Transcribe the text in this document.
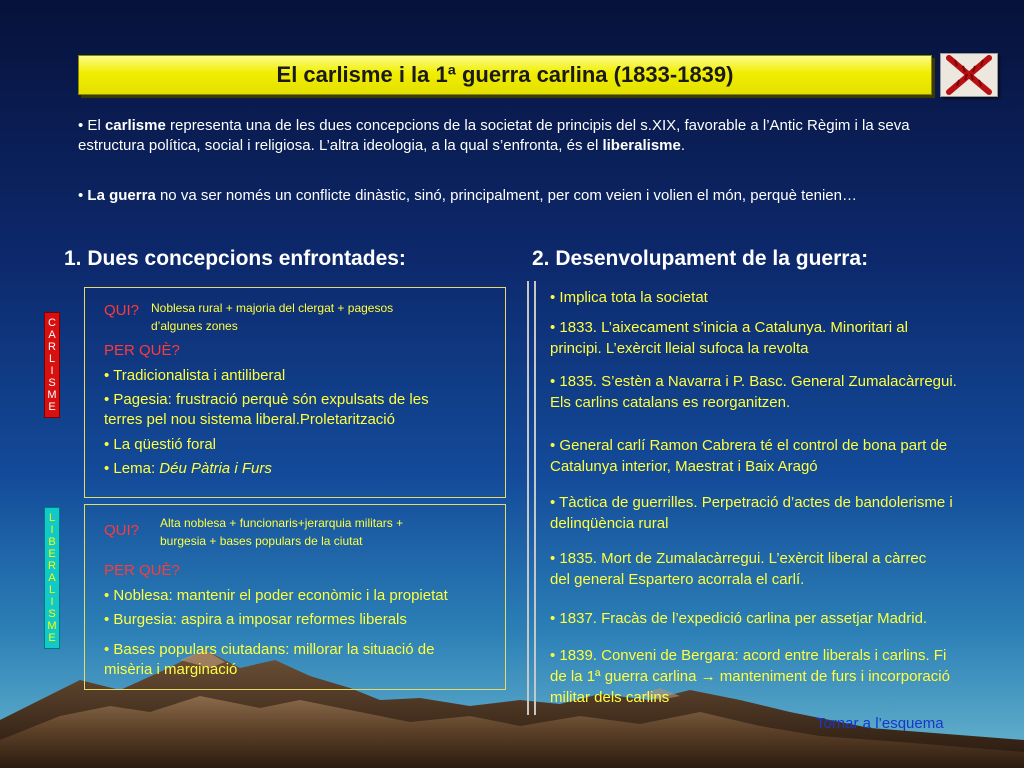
El carlisme i la 1ª guerra carlina (1833-1839)
• El carlisme representa una de les dues concepcions de la societat de principis del s.XIX, favorable a l’Antic Règim i la seva estructura política, social i religiosa. L’altra ideologia, a la qual s’enfronta, és el liberalisme.
• La guerra no va ser només un conflicte dinàstic, sinó, principalment, per com veien i volien el món, perquè tenien…
1. Dues concepcions enfrontades:	2. Desenvolupament de la guerra:
C
A
R
L
I
S
M
E
QUI? Noblesa rural + majoria del clergat + pagesos
d’algunes zones
PER QUÈ?
• Tradicionalista i antiliberal
• Pagesia: frustració perquè són expulsats de les
terres pel nou sistema liberal.Proletarització
• La qüestió foral
• Lema: Déu Pàtria i Furs
L
I
B
E
R
A
L
I
S
M
E
QUI? Alta noblesa + funcionaris+jerarquia militars +
burgesia + bases populars de la ciutat
PER QUÈ?
• Noblesa: mantenir el poder econòmic i la propietat
• Burgesia: aspira a imposar reformes liberals
• Bases populars ciutadans: millorar la situació de
misèria i marginació
• Implica tota la societat
• 1833. L’aixecament s’inicia a Catalunya. Minoritari al
principi. L’exèrcit lleial sufoca la revolta
• 1835. S’estèn a Navarra i P. Basc. General Zumalacàrregui.
Els carlins catalans es reorganitzen.
• General carlí Ramon Cabrera té el control de bona part de
Catalunya interior, Maestrat i Baix Aragó
• Tàctica de guerrilles. Perpetració d’actes de bandolerisme i
delinqüència rural
• 1835. Mort de Zumalacàrregui. L’exèrcit liberal a càrrec
del general Espartero acorrala el carlí.
• 1837. Fracàs de l’expedició carlina per assetjar Madrid.
• 1839. Conveni de Bergara: acord entre liberals i carlins. Fi
de la 1ª guerra carlina → manteniment de furs i incorporació
militar dels carlins
Tornar a l’esquema
